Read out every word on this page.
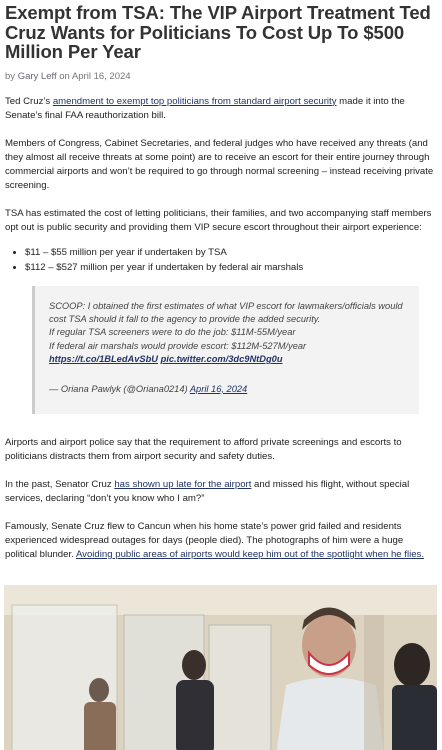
Exempt from TSA: The VIP Airport Treatment Ted Cruz Wants for Politicians To Cost Up To $500 Million Per Year
by Gary Leff on April 16, 2024

Ted Cruz’s amendment to exempt top politicians from standard airport security made it into the Senate’s final FAA reauthorization bill.

Members of Congress, Cabinet Secretaries, and federal judges who have received any threats (and they almost all receive threats at some point) are to receive an escort for their entire journey through commercial airports and won’t be required to go through normal screening – instead receiving private screening.

TSA has estimated the cost of letting politicians, their families, and two accompanying staff members opt out is public security and providing them VIP secure escort throughout their airport experience:

• $11 – $55 million per year if undertaken by TSA
• $112 – $527 million per year if undertaken by federal air marshals
SCOOP: I obtained the first estimates of what VIP escort for lawmakers/officials would cost TSA should it fall to the agency to provide the added security.
If regular TSA screeners were to do the job: $11M-55M/year
If federal air marshals would provide escort: $112M-527M/year
https://t.co/1BLedAvSbU pic.twitter.com/3dc9NtDg0u
— Oriana Pawlyk (@Oriana0214) April 16, 2024

Airports and airport police say that the requirement to afford private screenings and escorts to politicians distracts them from airport security and safety duties.

In the past, Senator Cruz has shown up late for the airport and missed his flight, without special services, declaring “don’t you know who I am?”

Famously, Senate Cruz flew to Cancun when his home state’s power grid failed and residents experienced widespread outages for days (people died). The photographs of him were a huge political blunder. Avoiding public areas of airports would keep him out of the spotlight when he flies.
